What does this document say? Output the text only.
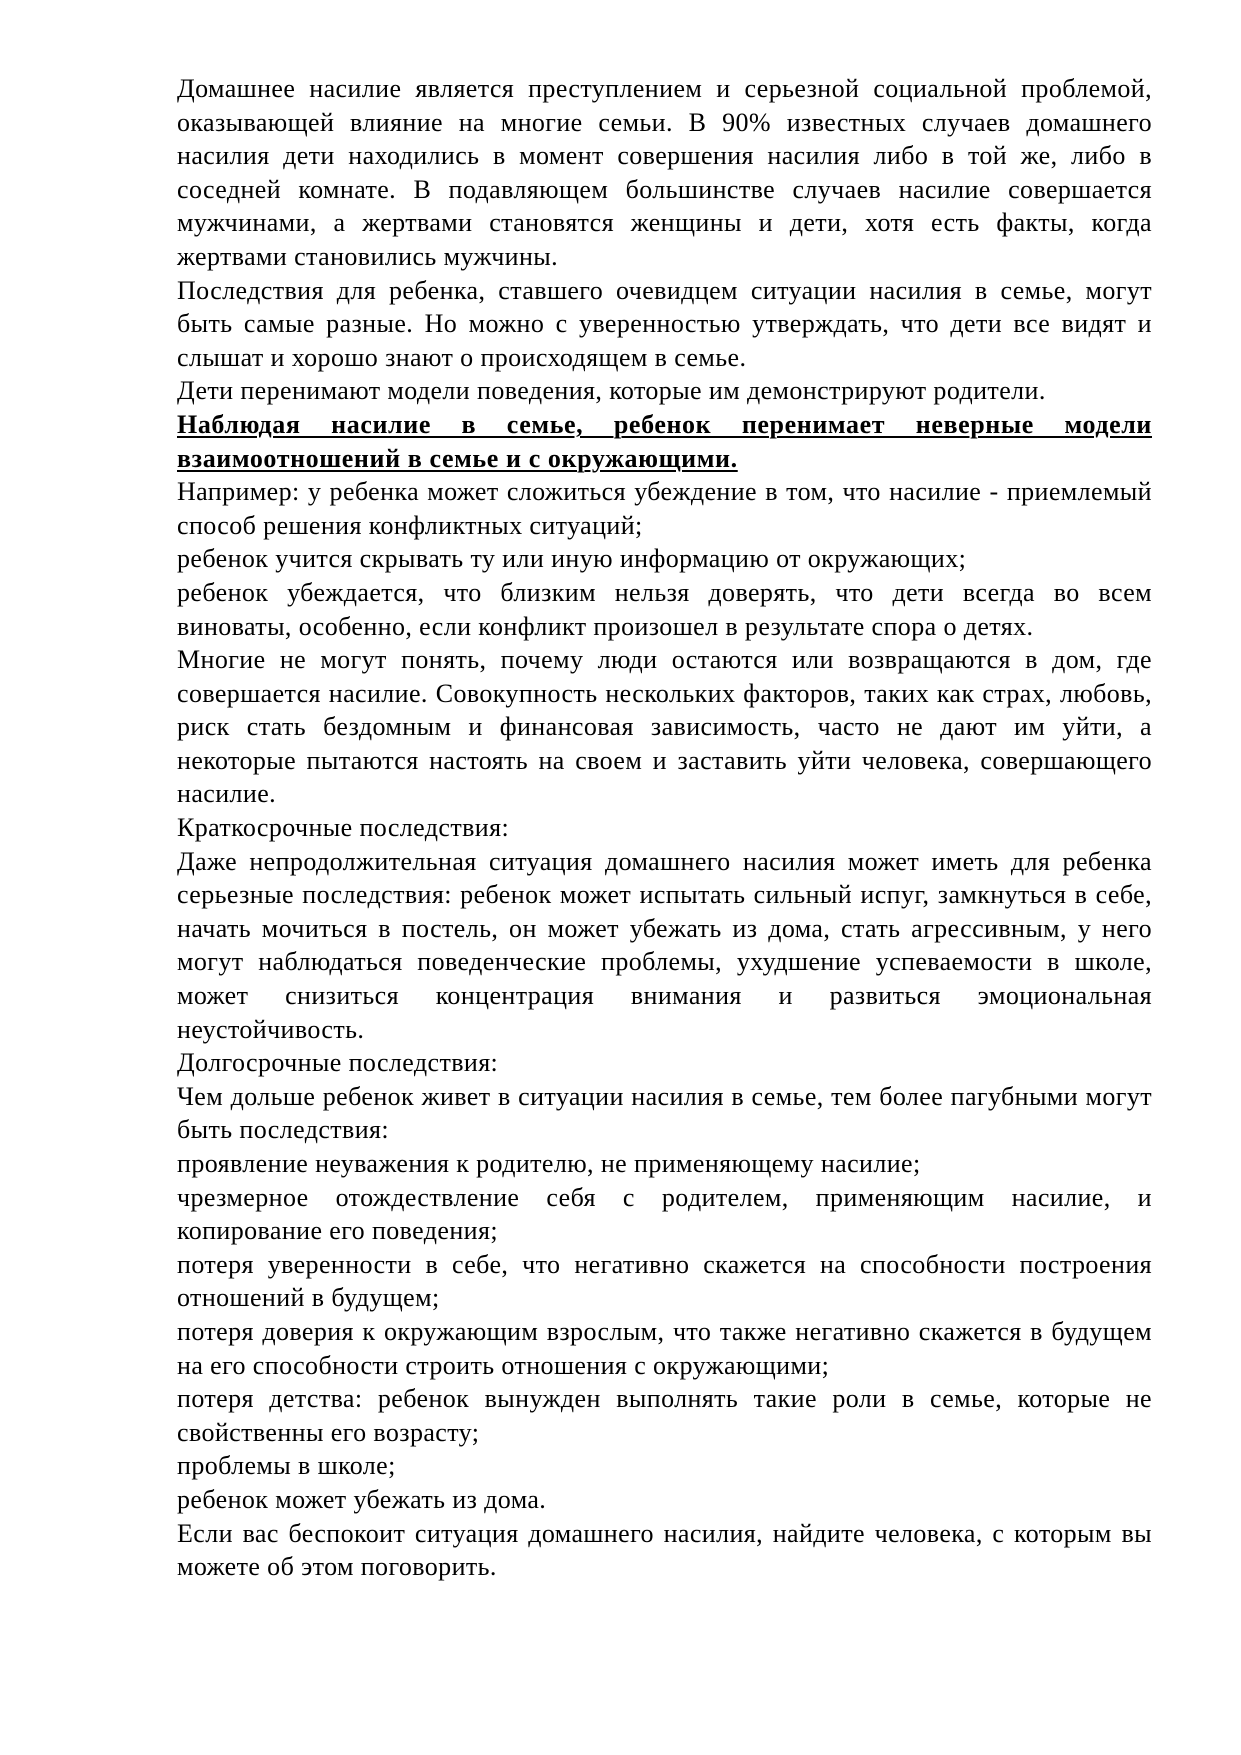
Домашнее насилие является преступлением и серьезной социальной проблемой, оказывающей влияние на многие семьи. В 90% известных случаев домашнего насилия дети находились в момент совершения насилия либо в той же, либо в соседней комнате. В подавляющем большинстве случаев насилие совершается мужчинами, а жертвами становятся женщины и дети, хотя есть факты, когда жертвами становились мужчины.

Последствия для ребенка, ставшего очевидцем ситуации насилия в семье, могут быть самые разные. Но можно с уверенностью утверждать, что дети все видят и слышат и хорошо знают о происходящем в семье.

Дети перенимают модели поведения, которые им демонстрируют родители.

Наблюдая насилие в семье, ребенок перенимает неверные модели взаимоотношений в семье и с окружающими.

Например: у ребенка может сложиться убеждение в том, что насилие - приемлемый способ решения конфликтных ситуаций;

ребенок учится скрывать ту или иную информацию от окружающих;

ребенок убеждается, что близким нельзя доверять, что дети всегда во всем виноваты, особенно, если конфликт произошел в результате спора о детях.

Многие не могут понять, почему люди остаются или возвращаются в дом, где совершается насилие. Совокупность нескольких факторов, таких как страх, любовь, риск стать бездомным и финансовая зависимость, часто не дают им уйти, а некоторые пытаются настоять на своем и заставить уйти человека, совершающего насилие.

Краткосрочные последствия:

Даже непродолжительная ситуация домашнего насилия может иметь для ребенка серьезные последствия: ребенок может испытать сильный испуг, замкнуться в себе, начать мочиться в постель, он может убежать из дома, стать агрессивным, у него могут наблюдаться поведенческие проблемы, ухудшение успеваемости в школе, может снизиться концентрация внимания и развиться эмоциональная неустойчивость.

Долгосрочные последствия:

Чем дольше ребенок живет в ситуации насилия в семье, тем более пагубными могут быть последствия:

проявление неуважения к родителю, не применяющему насилие;

чрезмерное отождествление себя с родителем, применяющим насилие, и копирование его поведения;

потеря уверенности в себе, что негативно скажется на способности построения отношений в будущем;

потеря доверия к окружающим взрослым, что также негативно скажется в будущем на его способности строить отношения с окружающими;

потеря детства: ребенок вынужден выполнять такие роли в семье, которые не свойственны его возрасту;

проблемы в школе;

ребенок может убежать из дома.

Если вас беспокоит ситуация домашнего насилия, найдите человека, с которым вы можете об этом поговорить.
